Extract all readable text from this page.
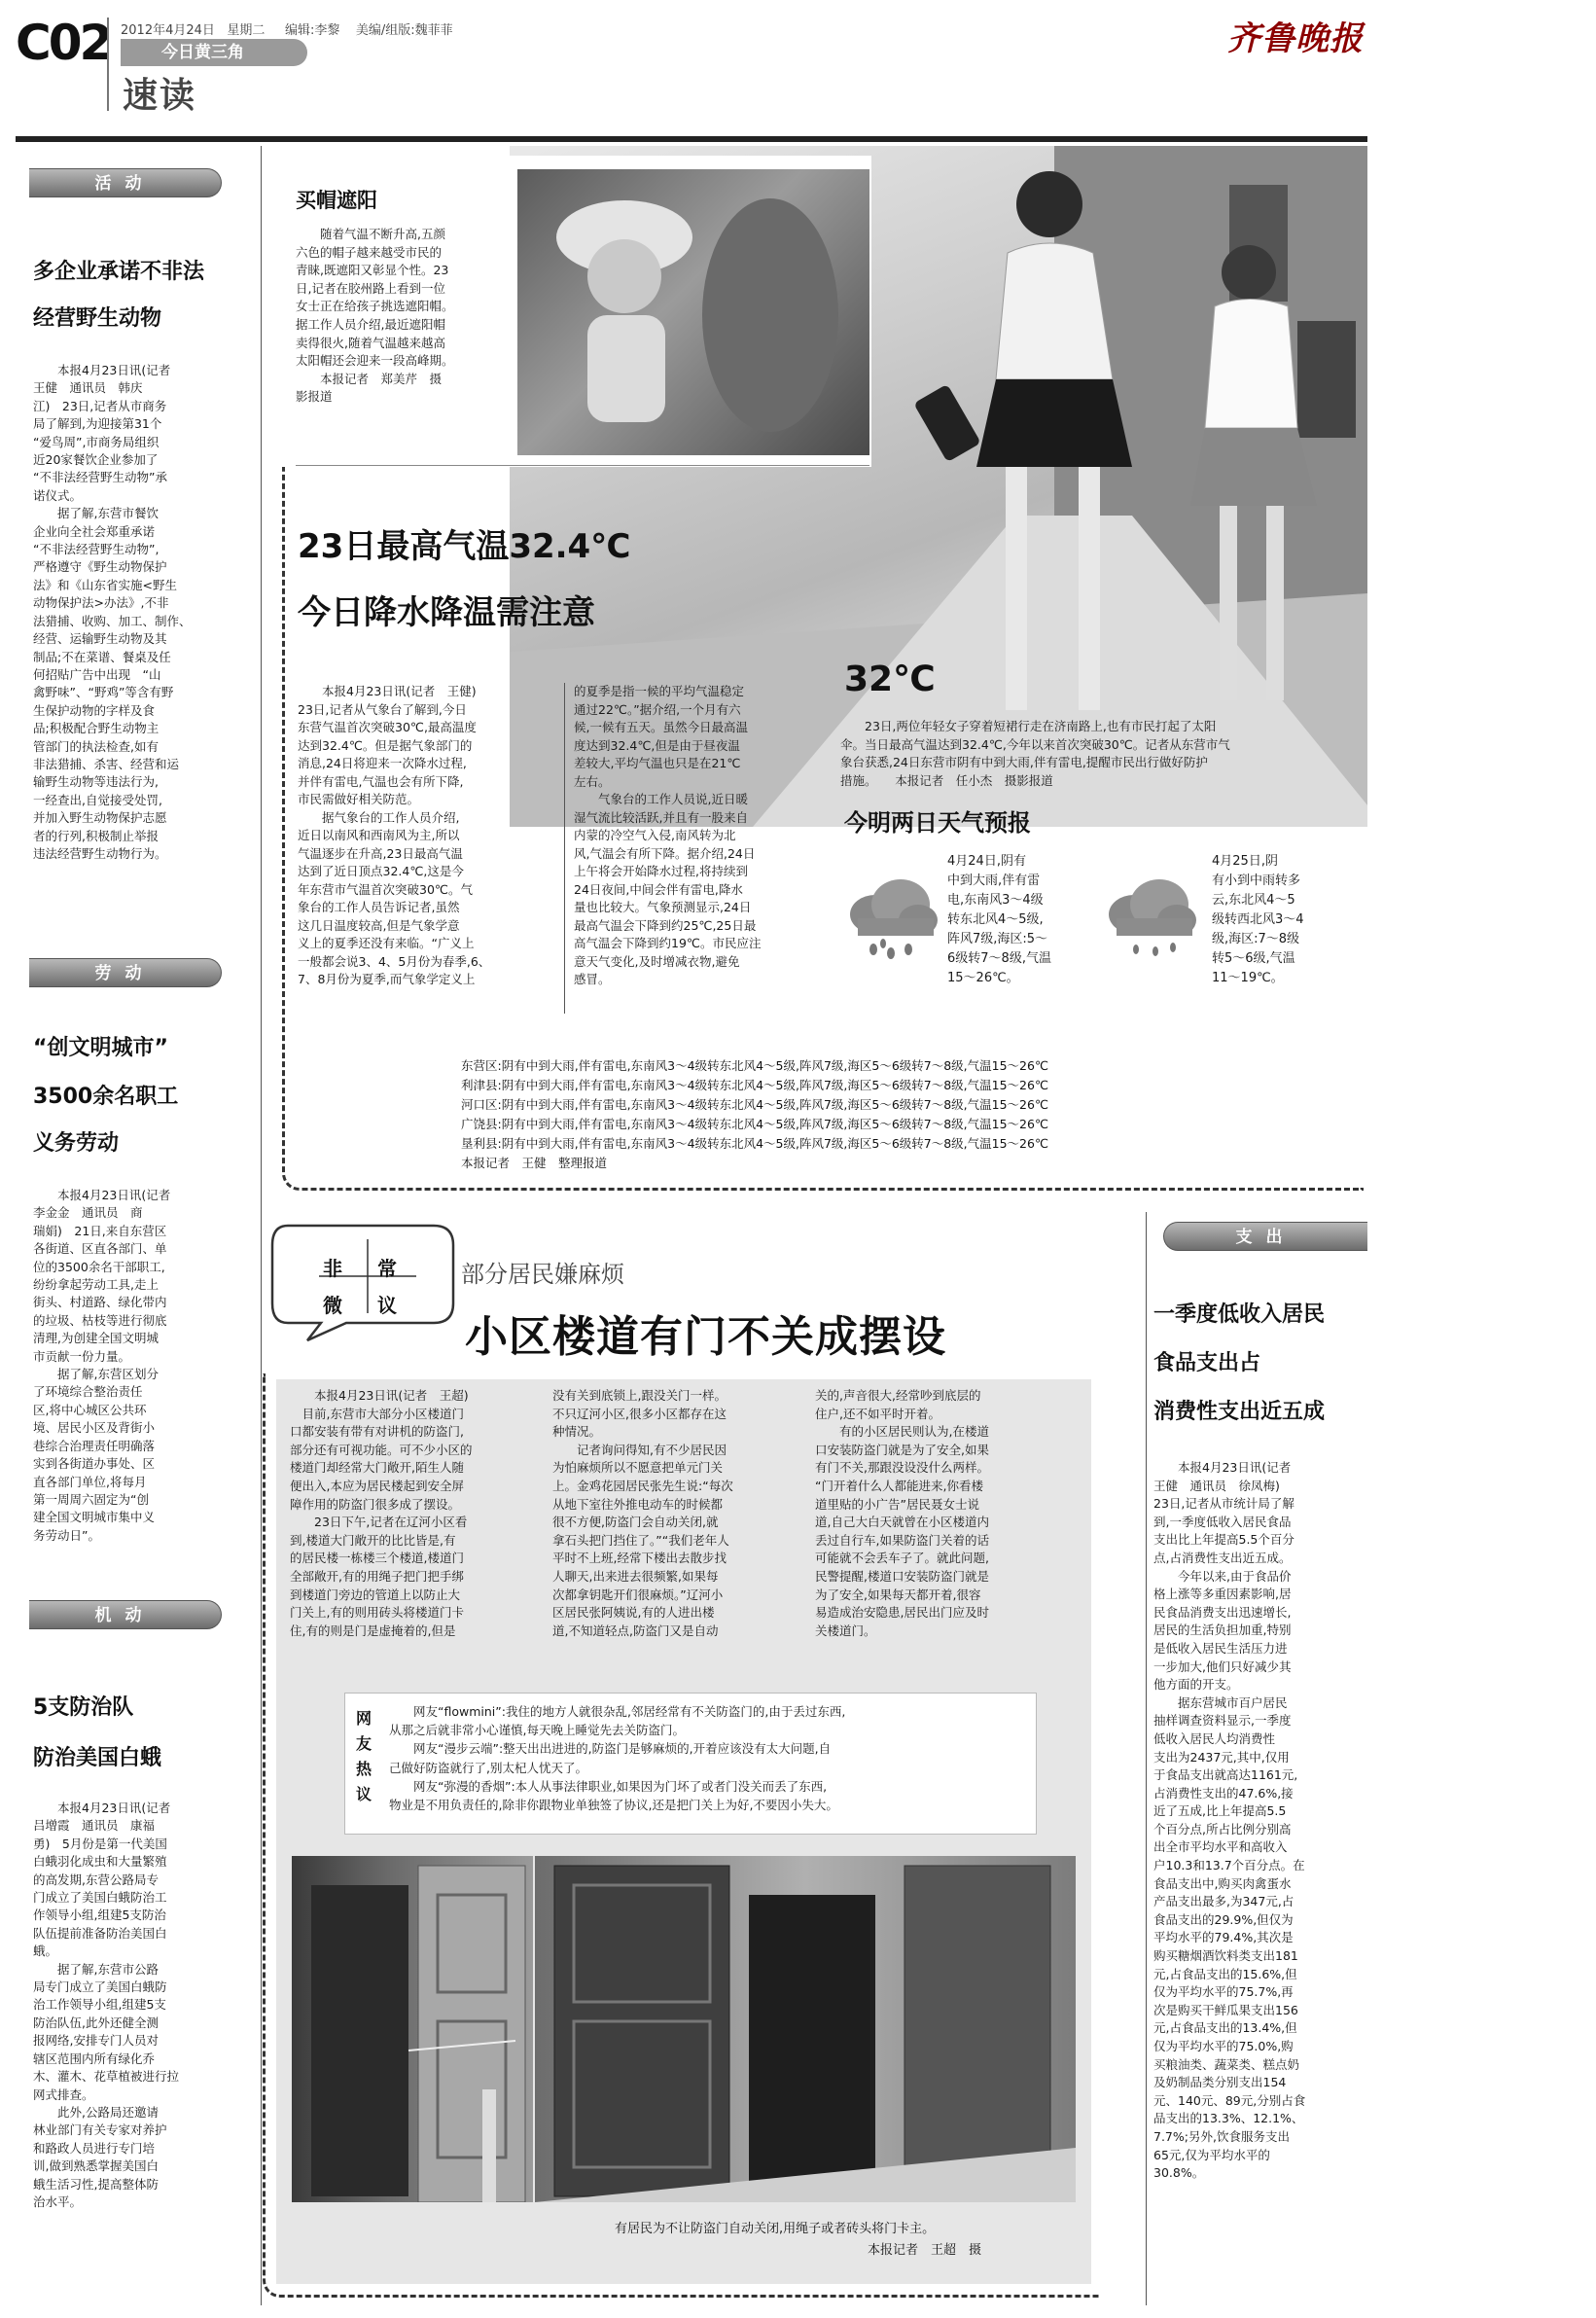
C02 2012年4月24日 星期二 编辑:李黎 美编/组版:魏菲菲
今日黄三角
速读
齐鲁晚报
活动
多企业承诺不非法
经营野生动物
　　本报4月23日讯(记者
王健　通讯员　韩庆
江)　23日,记者从市商务
局了解到,为迎接第31个
“爱鸟周”,市商务局组织
近20家餐饮企业参加了
“不非法经营野生动物”承
诺仪式。
　　据了解,东营市餐饮
企业向全社会郑重承诺
“不非法经营野生动物”,
严格遵守《野生动物保护
法》和《山东省实施<野生
动物保护法>办法》,不非
法猎捕、收购、加工、制作、
经营、运输野生动物及其
制品;不在菜谱、餐桌及任
何招贴广告中出现　“山
禽野味”、“野鸡”等含有野
生保护动物的字样及食
品;积极配合野生动物主
管部门的执法检查,如有
非法猎捕、杀害、经营和运
输野生动物等违法行为,
一经查出,自觉接受处罚,
并加入野生动物保护志愿
者的行列,积极制止举报
违法经营野生动物行为。
劳动
“创文明城市”
3500余名职工
义务劳动
　　本报4月23日讯(记者
李金金　通讯员　商
瑞娟)　21日,来自东营区
各街道、区直各部门、单
位的3500余名干部职工,
纷纷拿起劳动工具,走上
街头、村道路、绿化带内
的垃圾、枯枝等进行彻底
清理,为创建全国文明城
市贡献一份力量。
　　据了解,东营区划分
了环境综合整治责任
区,将中心城区公共环
境、居民小区及背街小
巷综合治理责任明确落
实到各街道办事处、区
直各部门单位,将每月
第一周周六固定为“创
建全国文明城市集中义
务劳动日”。
机动
5支防治队
防治美国白蛾
　　本报4月23日讯(记者
吕增霞　通讯员　康福
勇)　5月份是第一代美国
白蛾羽化成虫和大量繁殖
的高发期,东营公路局专
门成立了美国白蛾防治工
作领导小组,组建5支防治
队伍提前准备防治美国白
蛾。
　　据了解,东营市公路
局专门成立了美国白蛾防
治工作领导小组,组建5支
防治队伍,此外还健全测
报网络,安排专门人员对
辖区范围内所有绿化乔
木、灌木、花草植被进行拉
网式排查。
　　此外,公路局还邀请
林业部门有关专家对养护
和路政人员进行专门培
训,做到熟悉掌握美国白
蛾生活习性,提高整体防
治水平。
买帽遮阳
　　随着气温不断升高,五颜
六色的帽子越来越受市民的
青睐,既遮阳又彰显个性。23
日,记者在胶州路上看到一位
女士正在给孩子挑选遮阳帽。
据工作人员介绍,最近遮阳帽
卖得很火,随着气温越来越高
太阳帽还会迎来一段高峰期。
　　本报记者　郑美芹　摄
影报道
23日最高气温32.4℃
今日降水降温需注意
32℃
　　23日,两位年轻女子穿着短裙行走在济南路上,也有市民打起了太阳
伞。当日最高气温达到32.4℃,今年以来首次突破30℃。记者从东营市气
象台获悉,24日东营市阴有中到大雨,伴有雷电,提醒市民出行做好防护
措施。　　本报记者　任小杰　摄影报道
　　本报4月23日讯(记者　王健)
23日,记者从气象台了解到,今日
东营气温首次突破30℃,最高温度
达到32.4℃。但是据气象部门的
消息,24日将迎来一次降水过程,
并伴有雷电,气温也会有所下降,
市民需做好相关防范。
　　据气象台的工作人员介绍,
近日以南风和西南风为主,所以
气温逐步在升高,23日最高气温
达到了近日顶点32.4℃,这是今
年东营市气温首次突破30℃。气
象台的工作人员告诉记者,虽然
这几日温度较高,但是气象学意
义上的夏季还没有来临。“广义上
一般都会说3、4、5月份为春季,6、
7、8月份为夏季,而气象学定义上
的夏季是指一候的平均气温稳定
通过22℃。”据介绍,一个月有六
候,一候有五天。虽然今日最高温
度达到32.4℃,但是由于昼夜温
差较大,平均气温也只是在21℃
左右。
　　气象台的工作人员说,近日暖
湿气流比较活跃,并且有一股来自
内蒙的冷空气入侵,南风转为北
风,气温会有所下降。据介绍,24日
上午将会开始降水过程,将持续到
24日夜间,中间会伴有雷电,降水
量也比较大。气象预测显示,24日
最高气温会下降到约25℃,25日最
高气温会下降到约19℃。市民应注
意天气变化,及时增减衣物,避免
感冒。
今明两日天气预报
4月24日,阴有
中到大雨,伴有雷
电,东南风3～4级
转东北风4～5级,
阵风7级,海区:5～
6级转7～8级,气温
15～26℃。
4月25日,阴
有小到中雨转多
云,东北风4～5
级转西北风3～4
级,海区:7～8级
转5～6级,气温
11～19℃。
东营区:阴有中到大雨,伴有雷电,东南风3～4级转东北风4～5级,阵风7级,海区5～6级转7～8级,气温15～26℃
利津县:阴有中到大雨,伴有雷电,东南风3～4级转东北风4～5级,阵风7级,海区5～6级转7～8级,气温15～26℃
河口区:阴有中到大雨,伴有雷电,东南风3～4级转东北风4～5级,阵风7级,海区5～6级转7～8级,气温15～26℃
广饶县:阴有中到大雨,伴有雷电,东南风3～4级转东北风4～5级,阵风7级,海区5～6级转7～8级,气温15～26℃
垦利县:阴有中到大雨,伴有雷电,东南风3～4级转东北风4～5级,阵风7级,海区5～6级转7～8级,气温15～26℃
本报记者　王健　整理报道
非 常
微 议
部分居民嫌麻烦
小区楼道有门不关成摆设
　　本报4月23日讯(记者　王超)
　目前,东营市大部分小区楼道门
口都安装有带有对讲机的防盗门,
部分还有可视功能。可不少小区的
楼道门却经常大门敞开,陌生人随
便出入,本应为居民楼起到安全屏
障作用的防盗门很多成了摆设。
　　23日下午,记者在辽河小区看
到,楼道大门敞开的比比皆是,有
的居民楼一栋楼三个楼道,楼道门
全部敞开,有的用绳子把门把手绑
到楼道门旁边的管道上以防止大
门关上,有的则用砖头将楼道门卡
住,有的则是门是虚掩着的,但是
没有关到底锁上,跟没关门一样。
不只辽河小区,很多小区都存在这
种情况。
　　记者询问得知,有不少居民因
为怕麻烦所以不愿意把单元门关
上。金鸡花园居民张先生说:“每次
从地下室往外推电动车的时候都
很不方便,防盗门会自动关闭,就
拿石头把门挡住了。”“我们老年人
平时不上班,经常下楼出去散步找
人聊天,出来进去很频繁,如果每
次都拿钥匙开们很麻烦。”辽河小
区居民张阿姨说,有的人进出楼
道,不知道轻点,防盗门又是自动
关的,声音很大,经常吵到底层的
住户,还不如平时开着。
　　有的小区居民则认为,在楼道
口安装防盗门就是为了安全,如果
有门不关,那跟没设没什么两样。
“门开着什么人都能进来,你看楼
道里贴的小广告”居民聂女士说
道,自己大白天就曾在小区楼道内
丢过自行车,如果防盗门关着的话
可能就不会丢车子了。就此问题,
民警提醒,楼道口安装防盗门就是
为了安全,如果每天都开着,很容
易造成治安隐患,居民出门应及时
关楼道门。
网友热议
　　网友“flowmini”:我住的地方人就很杂乱,邻居经常有不关防盗门的,由于丢过东西,
从那之后就非常小心谨慎,每天晚上睡觉先去关防盗门。
　　网友“漫步云端”:整天出出进进的,防盗门是够麻烦的,开着应该没有太大问题,自
己做好防盗就行了,别太杞人忧天了。
　　网友“弥漫的香烟”:本人从事法律职业,如果因为门坏了或者门没关而丢了东西,
物业是不用负责任的,除非你跟物业单独签了协议,还是把门关上为好,不要因小失大。
有居民为不让防盗门自动关闭,用绳子或者砖头将门卡主。
本报记者　王超　摄
支出
一季度低收入居民
食品支出占
消费性支出近五成
　　本报4月23日讯(记者
王健　通讯员　徐凤梅)
23日,记者从市统计局了解
到,一季度低收入居民食品
支出比上年提高5.5个百分
点,占消费性支出近五成。
　　今年以来,由于食品价
格上涨等多重因素影响,居
民食品消费支出迅速增长,
居民的生活负担加重,特别
是低收入居民生活压力进
一步加大,他们只好减少其
他方面的开支。
　　据东营城市百户居民
抽样调查资料显示,一季度
低收入居民人均消费性
支出为2437元,其中,仅用
于食品支出就高达1161元,
占消费性支出的47.6%,接
近了五成,比上年提高5.5
个百分点,所占比例分别高
出全市平均水平和高收入
户10.3和13.7个百分点。在
食品支出中,购买肉禽蛋水
产品支出最多,为347元,占
食品支出的29.9%,但仅为
平均水平的79.4%,其次是
购买糖烟酒饮料类支出181
元,占食品支出的15.6%,但
仅为平均水平的75.7%,再
次是购买干鲜瓜果支出156
元,占食品支出的13.4%,但
仅为平均水平的75.0%,购
买粮油类、蔬菜类、糕点奶
及奶制品类分别支出154
元、140元、89元,分别占食
品支出的13.3%、12.1%、
7.7%;另外,饮食服务支出
65元,仅为平均水平的
30.8%。
